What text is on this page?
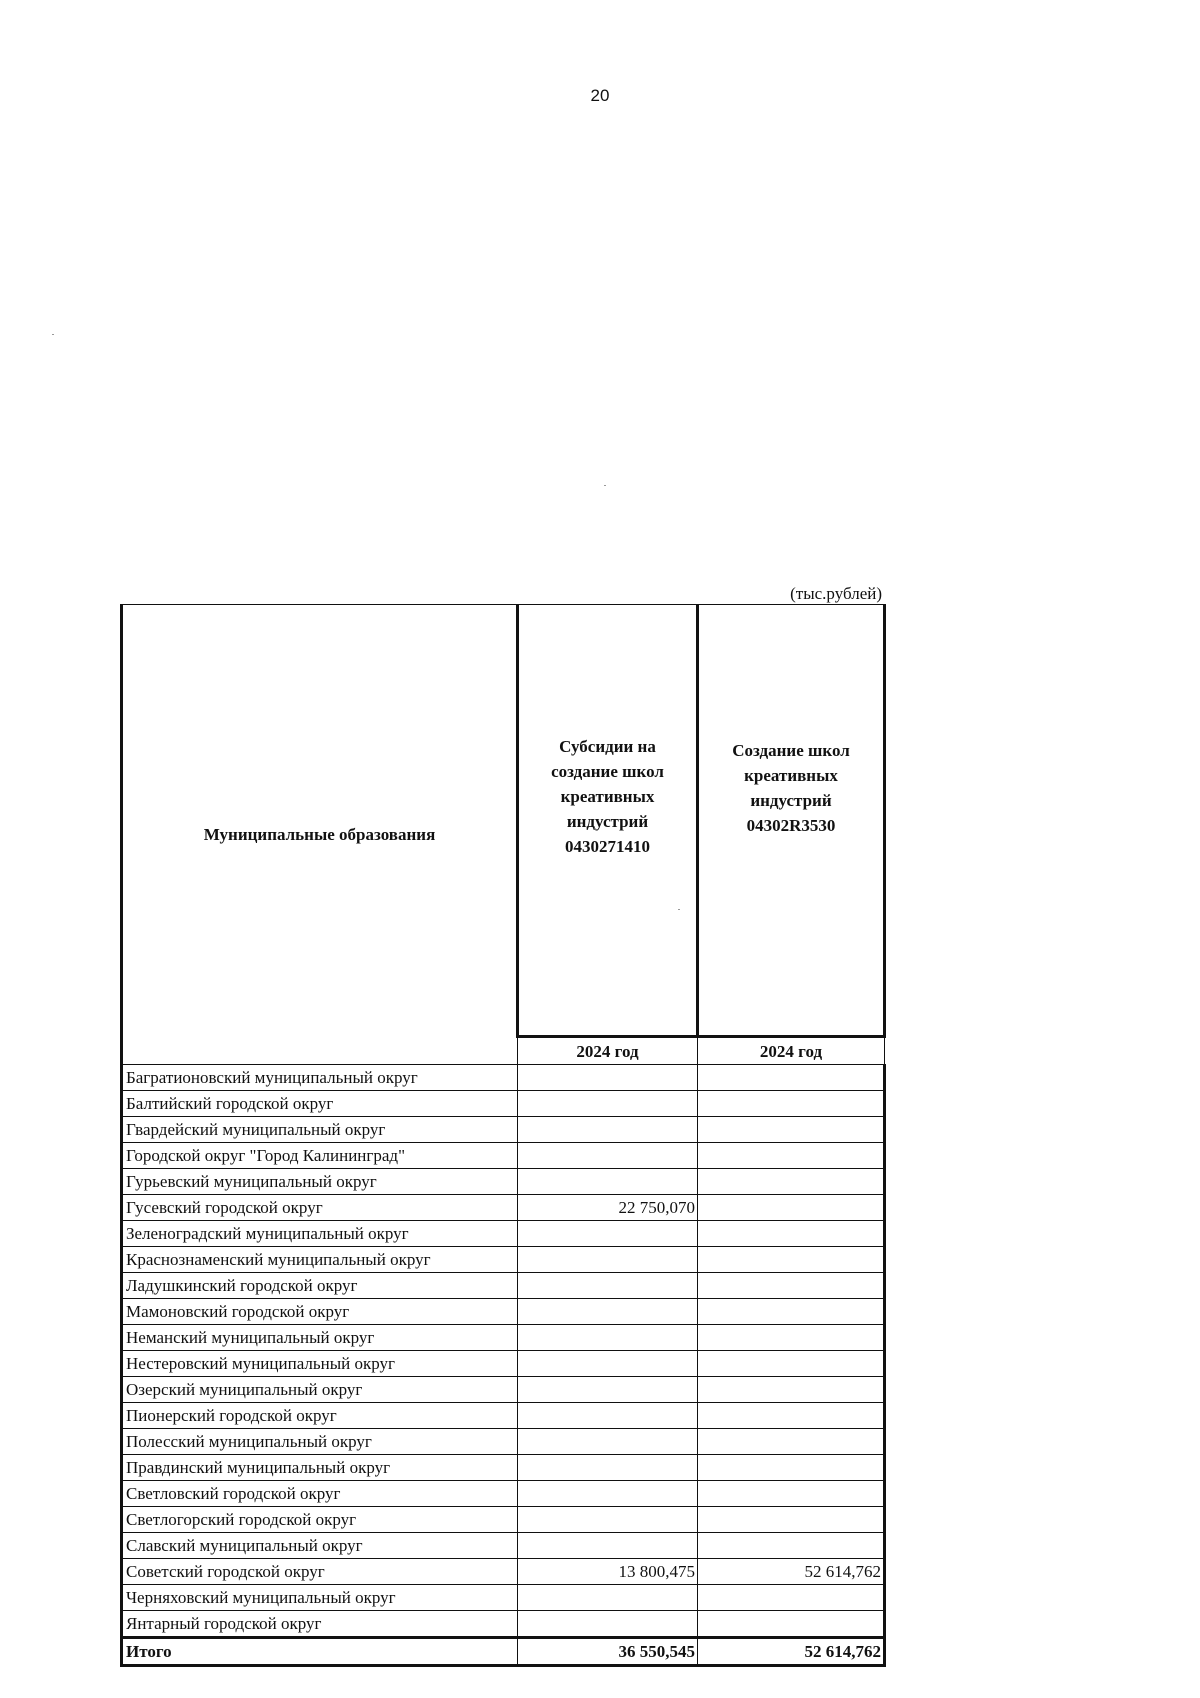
20
(тыс.рублей)
Муниципальные образования	Субсидии на создание школ креативных индустрий 0430271410	Создание школ креативных индустрий 04302R3530
	2024 год	2024 год
Багратионовский муниципальный округ		
Балтийский городской округ		
Гвардейский муниципальный округ		
Городской округ "Город Калининград"		
Гурьевский муниципальный округ		
Гусевский городской округ	22 750,070	
Зеленоградский муниципальный округ		
Краснознаменский муниципальный округ		
Ладушкинский городской округ		
Мамоновский городской округ		
Неманский муниципальный округ		
Нестеровский муниципальный округ		
Озерский муниципальный округ		
Пионерский городской округ		
Полесский муниципальный округ		
Правдинский муниципальный округ		
Светловский городской округ		
Светлогорский городской округ		
Славский муниципальный округ		
Советский городской округ	13 800,475	52 614,762
Черняховский муниципальный округ		
Янтарный городской округ		
Итого	36 550,545	52 614,762
